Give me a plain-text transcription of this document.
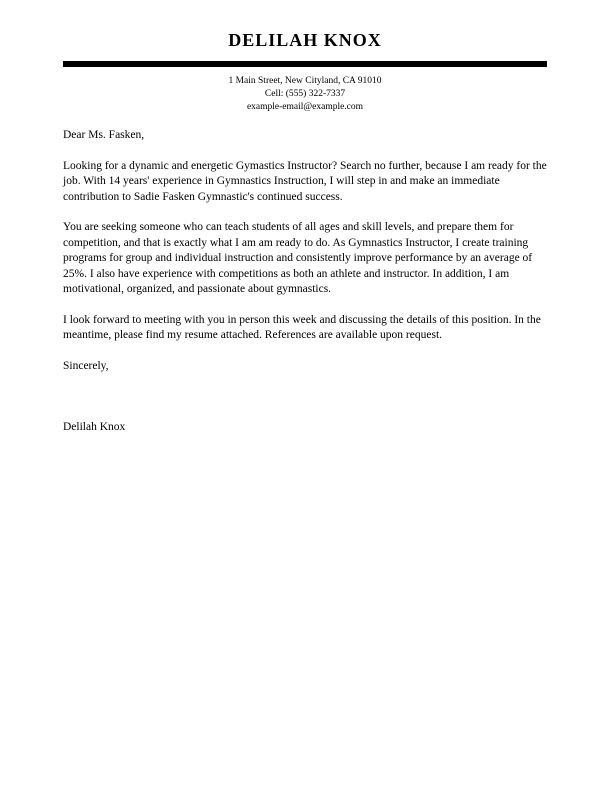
DELILAH KNOX

1 Main Street, New Cityland, CA 91010

Cell: (555) 322-7337

example-email@example.com

Dear Ms. Fasken,

Looking for a dynamic and energetic Gymastics Instructor? Search no further, because I am ready for the job. With 14 years' experience in Gymnastics Instruction, I will step in and make an immediate contribution to Sadie Fasken Gymnastic's continued success.

You are seeking someone who can teach students of all ages and skill levels, and prepare them for competition, and that is exactly what I am am ready to do. As Gymnastics Instructor, I create training programs for group and individual instruction and consistently improve performance by an average of 25%. I also have experience with competitions as both an athlete and instructor. In addition, I am motivational, organized, and passionate about gymnastics.

I look forward to meeting with you in person this week and discussing the details of this position. In the meantime, please find my resume attached. References are available upon request.

Sincerely,

Delilah Knox
